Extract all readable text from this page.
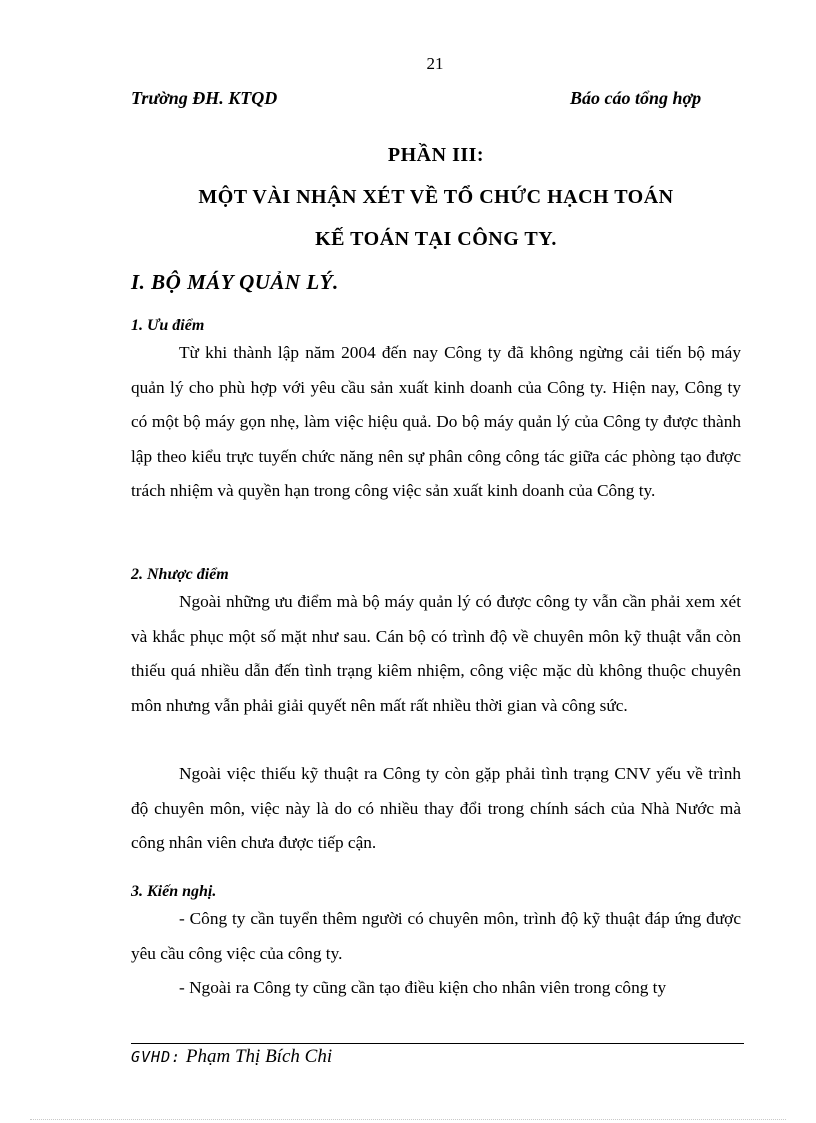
21
Trường ĐH. KTQD	Báo cáo tổng hợp
PHẦN III:
MỘT VÀI NHẬN XÉT VỀ TỔ CHỨC HẠCH TOÁN
KẾ TOÁN TẠI CÔNG TY.
I. BỘ MÁY QUẢN LÝ.
1. Ưu điểm

Từ khi thành lập năm 2004 đến nay Công ty đã không ngừng cải tiến bộ máy quản lý cho phù hợp với yêu cầu sản xuất kinh doanh của Công ty. Hiện nay, Công ty có một bộ máy gọn nhẹ, làm việc hiệu quả. Do bộ máy quản lý của Công ty được thành lập theo kiểu trực tuyến chức năng nên sự phân công công tác giữa các phòng tạo được trách nhiệm và quyền hạn trong công việc sản xuất kinh doanh của Công ty.

2. Nhược điểm

Ngoài những ưu điểm mà bộ máy quản lý có được công ty vẫn cần phải xem xét và khắc phục một số mặt như sau. Cán bộ có trình độ về chuyên môn kỹ thuật vẫn còn thiếu quá nhiều dẫn đến tình trạng kiêm nhiệm, công việc mặc dù không thuộc chuyên môn nhưng vẫn phải giải quyết nên mất rất nhiều thời gian và công sức.

Ngoài việc thiếu kỹ thuật ra Công ty còn gặp phải tình trạng CNV yếu về trình độ chuyên môn, việc này là do có nhiều thay đổi trong chính sách của Nhà Nước mà công nhân viên chưa được tiếp cận.

3. Kiến nghị.

- Công ty cần tuyển thêm người có chuyên môn, trình độ kỹ thuật đáp ứng được yêu cầu công việc của công ty.

- Ngoài ra Công ty cũng cần tạo điều kiện cho nhân viên trong công ty

GVHD: Phạm Thị Bích Chi
